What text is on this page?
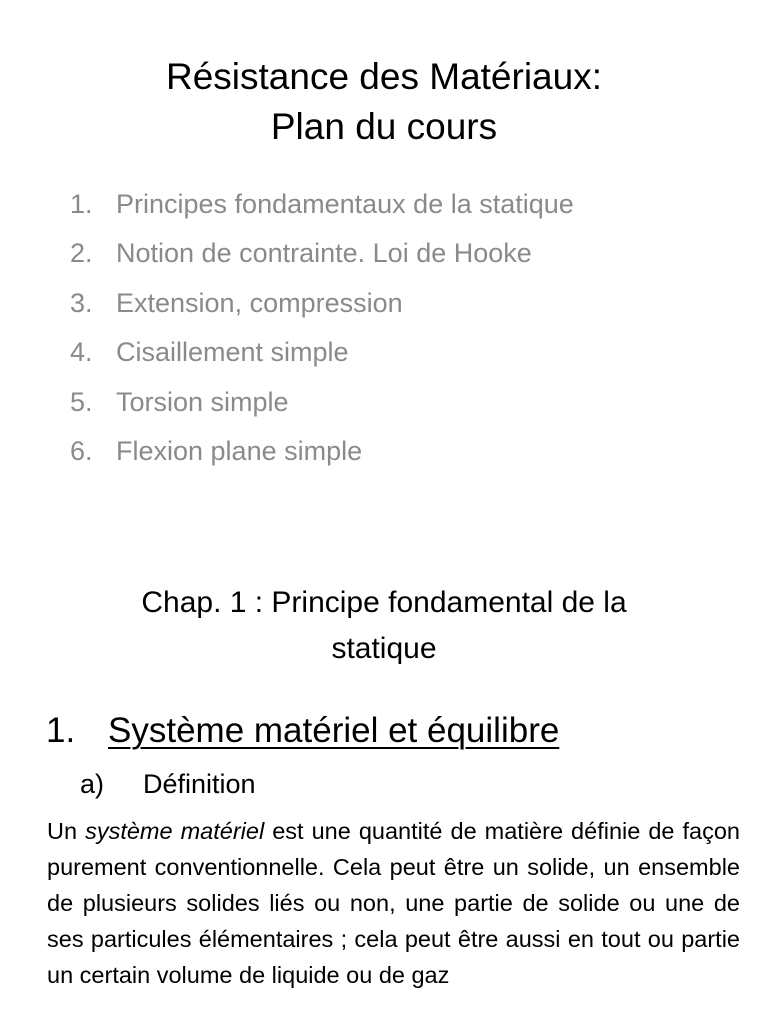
Résistance des Matériaux:
Plan du cours
1. Principes fondamentaux de la statique
2. Notion de contrainte. Loi de Hooke
3. Extension, compression
4. Cisaillement simple
5. Torsion simple
6. Flexion plane simple
Chap. 1 : Principe fondamental de la
statique
1. Système matériel et équilibre
a) Définition

Un système matériel est une quantité de matière définie de façon purement conventionnelle. Cela peut être un solide, un ensemble de plusieurs solides liés ou non, une partie de solide ou une de ses particules élémentaires ; cela peut être aussi en tout ou partie un certain volume de liquide ou de gaz
